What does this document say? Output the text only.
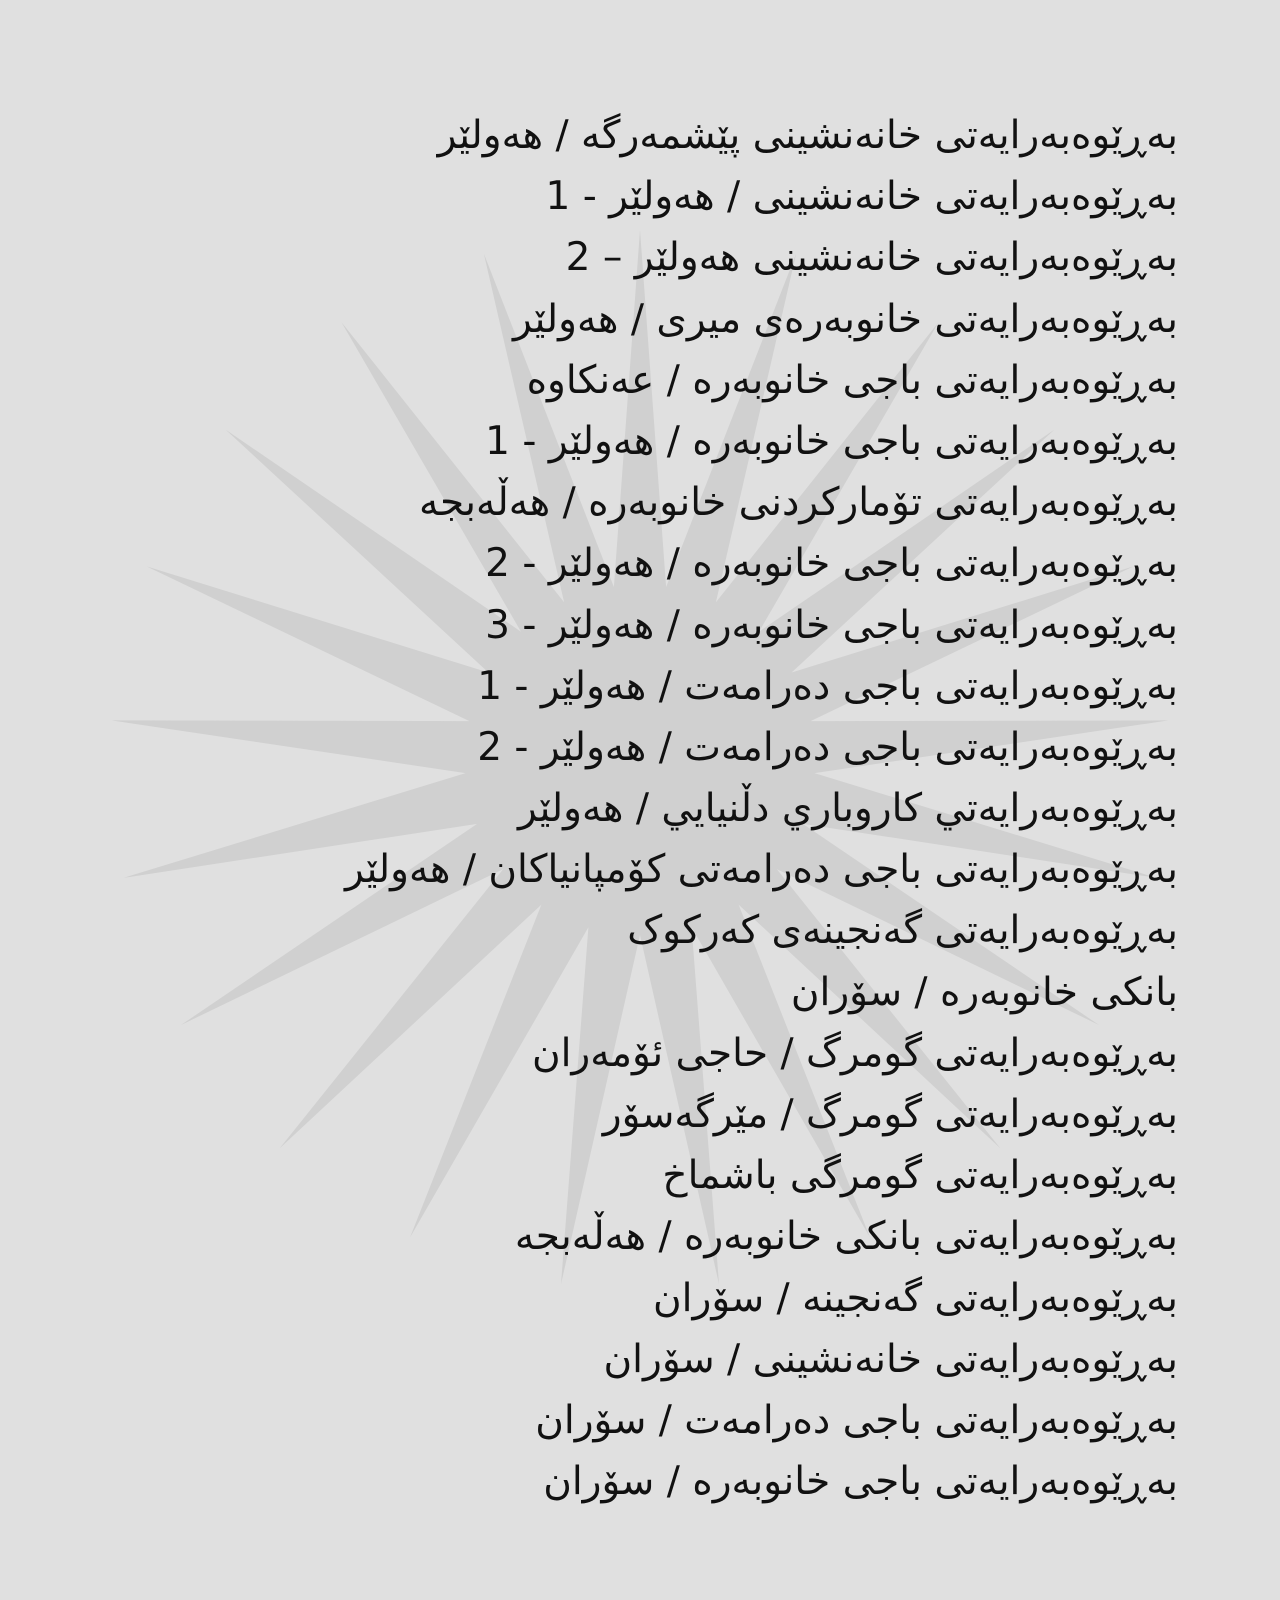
بەڕێوەبەرایەتی خانەنشینی پێشمەرگە / هەولێر
بەڕێوەبەرایەتی خانەنشینی / هەولێر - 1
بەڕێوەبەرایەتی خانەنشینی هەولێر – 2
بەڕێوەبەرایەتی خانوبەرەی میری / هەولێر
بەڕێوەبەرایەتی باجی خانوبەرە / عەنکاوە
بەڕێوەبەرایەتی باجی خانوبەرە / هەولێر - 1
بەڕێوەبەرایەتی تۆمارکردنی خانوبەرە / هەڵەبجە
بەڕێوەبەرایەتی باجی خانوبەرە / هەولێر - 2
بەڕێوەبەرایەتی باجی خانوبەرە / هەولێر - 3
بەڕێوەبەرایەتی باجی دەرامەت / هەولێر - 1
بەڕێوەبەرایەتی باجی دەرامەت / هەولێر - 2
بەڕێوەبەرایەتي كاروباري دڵنيايي / هەولێر
بەڕێوەبەرایەتی باجی دەرامەتی کۆمپانیاکان / هەولێر
بەڕێوەبەرایەتی گەنجینەی کەرکوک
بانکی خانوبەرە / سۆران
بەڕێوەبەرایەتی گومرگ / حاجی ئۆمەران
بەڕێوەبەرایەتی گومرگ / مێرگەسۆر
بەڕێوەبەرایەتی گومرگی باشماخ
بەڕێوەبەرایەتی بانکی خانوبەرە / هەڵەبجە
بەڕێوەبەرایەتی گەنجینە / سۆران
بەڕێوەبەرایەتی خانەنشینی / سۆران
بەڕێوەبەرایەتی باجی دەرامەت / سۆران
بەڕێوەبەرایەتی باجی خانوبەرە / سۆران
